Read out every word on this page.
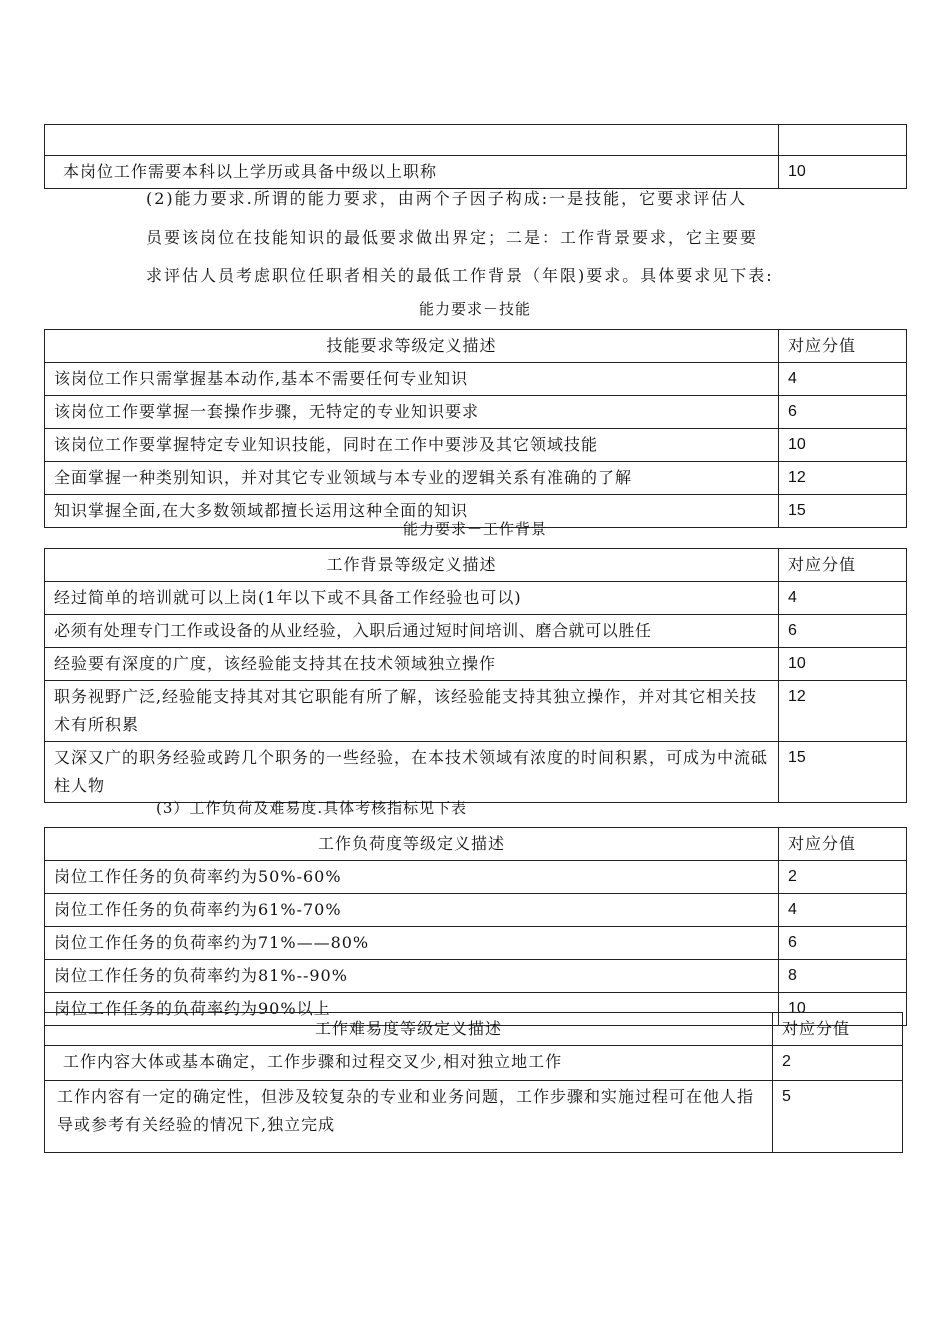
本岗位工作需要本科以上学历或具备中级以上职称	10
(2)能力要求.所谓的能力要求，由两个子因子构成:一是技能，它要求评估人
员要该岗位在技能知识的最低要求做出界定；二是：工作背景要求，它主要要
求评估人员考虑职位任职者相关的最低工作背景（年限)要求。具体要求见下表:
能力要求－技能
技能要求等级定义描述	对应分值
该岗位工作只需掌握基本动作,基本不需要任何专业知识	4
该岗位工作要掌握一套操作步骤，无特定的专业知识要求	6
该岗位工作要掌握特定专业知识技能，同时在工作中要涉及其它领域技能	10
全面掌握一种类别知识，并对其它专业领域与本专业的逻辑关系有准确的了解	12
知识掌握全面,在大多数领域都擅长运用这种全面的知识	15
能力要求－工作背景
工作背景等级定义描述	对应分值
经过简单的培训就可以上岗(1年以下或不具备工作经验也可以)	4
必须有处理专门工作或设备的从业经验，入职后通过短时间培训、磨合就可以胜任	6
经验要有深度的广度，该经验能支持其在技术领域独立操作	10
职务视野广泛,经验能支持其对其它职能有所了解，该经验能支持其独立操作，并对其它相关技术有所积累	12
又深又广的职务经验或跨几个职务的一些经验，在本技术领域有浓度的时间积累，可成为中流砥柱人物	15
(3）工作负荷及难易度.具体考核指标见下表
工作负荷度等级定义描述	对应分值
岗位工作任务的负荷率约为50%-60%	2
岗位工作任务的负荷率约为61%-70%	4
岗位工作任务的负荷率约为71%——80%	6
岗位工作任务的负荷率约为81%--90%	8
岗位工作任务的负荷率约为90%以上	10
工作难易度等级定义描述	对应分值
工作内容大体或基本确定，工作步骤和过程交叉少,相对独立地工作	2
工作内容有一定的确定性，但涉及较复杂的专业和业务问题，工作步骤和实施过程可在他人指导或参考有关经验的情况下,独立完成	5
